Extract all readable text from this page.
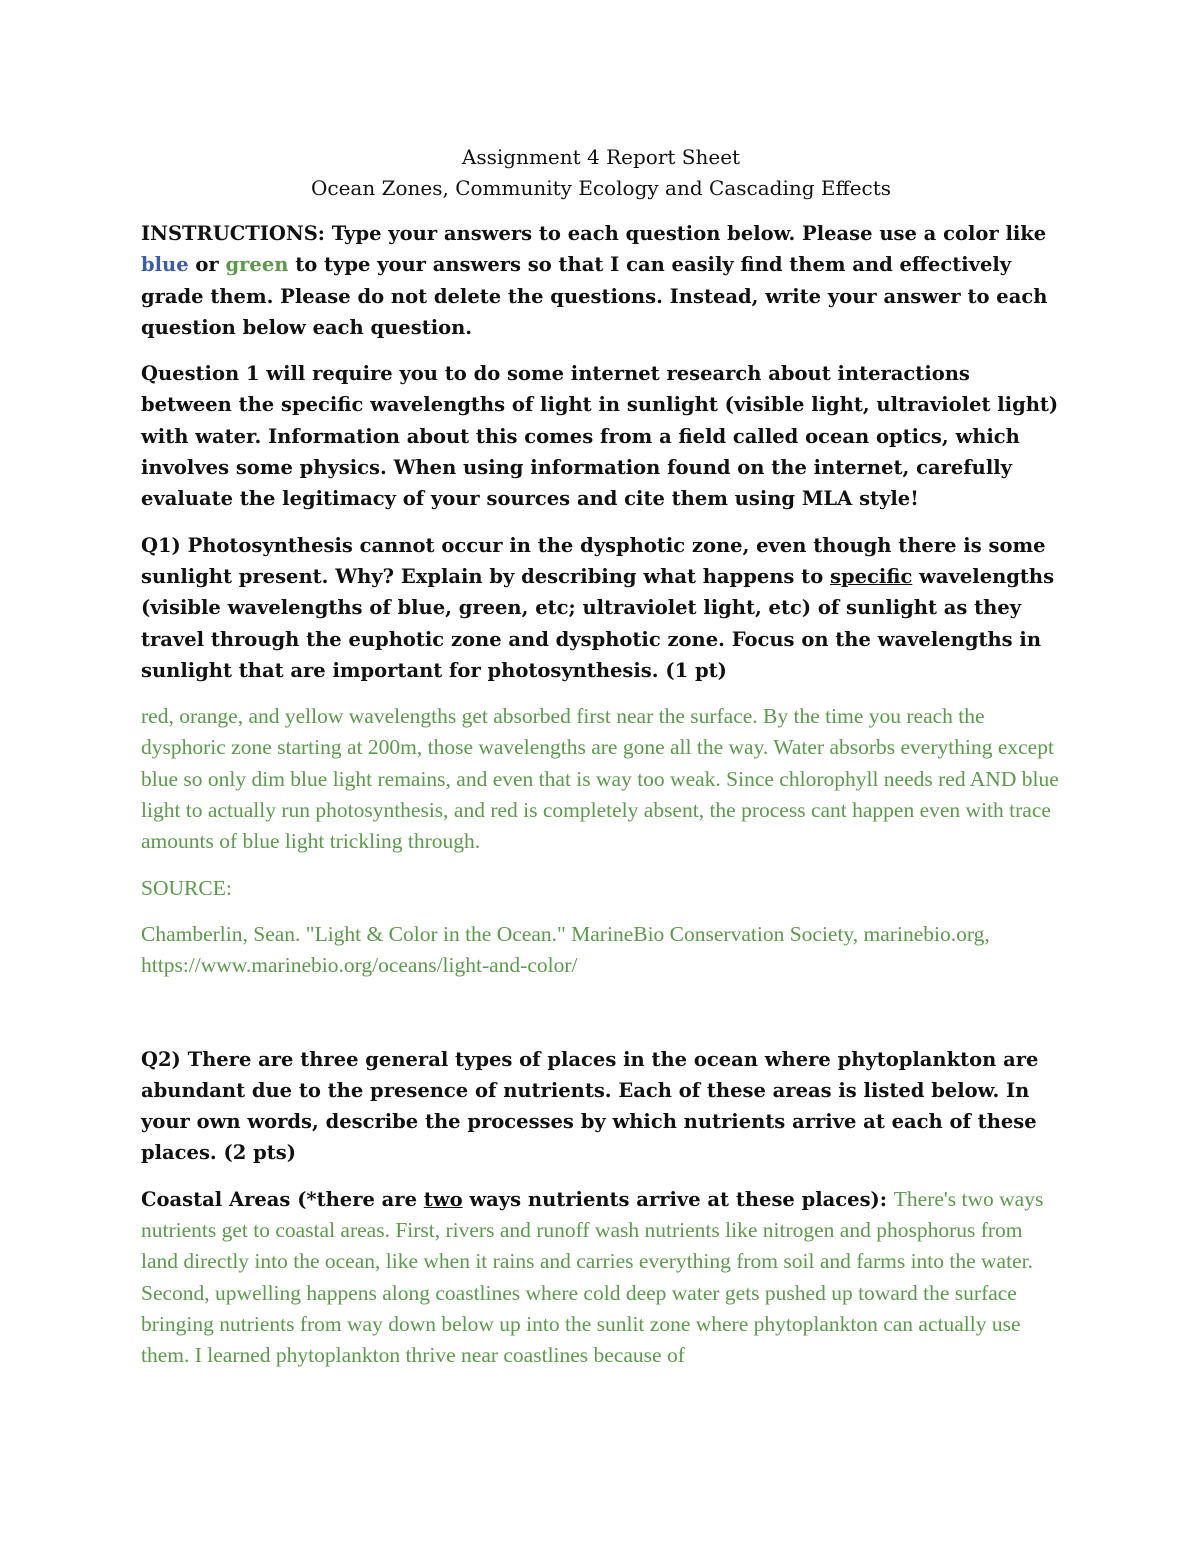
Assignment 4 Report Sheet

Ocean Zones, Community Ecology and Cascading Effects

INSTRUCTIONS: Type your answers to each question below. Please use a color like blue or green to type your answers so that I can easily find them and effectively grade them. Please do not delete the questions. Instead, write your answer to each question below each question.

Question 1 will require you to do some internet research about interactions between the specific wavelengths of light in sunlight (visible light, ultraviolet light) with water. Information about this comes from a field called ocean optics, which involves some physics. When using information found on the internet, carefully evaluate the legitimacy of your sources and cite them using MLA style!

Q1) Photosynthesis cannot occur in the dysphotic zone, even though there is some sunlight present. Why? Explain by describing what happens to specific wavelengths (visible wavelengths of blue, green, etc; ultraviolet light, etc) of sunlight as they travel through the euphotic zone and dysphotic zone. Focus on the wavelengths in sunlight that are important for photosynthesis. (1 pt)

red, orange, and yellow wavelengths get absorbed first near the surface. By the time you reach the dysphoric zone starting at 200m, those wavelengths are gone all the way. Water absorbs everything except blue so only dim blue light remains, and even that is way too weak. Since chlorophyll needs red AND blue light to actually run photosynthesis, and red is completely absent, the process cant happen even with trace amounts of blue light trickling through.

SOURCE:

Chamberlin, Sean. "Light & Color in the Ocean." MarineBio Conservation Society, marinebio.org, https://www.marinebio.org/oceans/light-and-color/

Q2) There are three general types of places in the ocean where phytoplankton are abundant due to the presence of nutrients. Each of these areas is listed below. In your own words, describe the processes by which nutrients arrive at each of these places. (2 pts)

Coastal Areas (*there are two ways nutrients arrive at these places): There's two ways nutrients get to coastal areas. First, rivers and runoff wash nutrients like nitrogen and phosphorus from land directly into the ocean, like when it rains and carries everything from soil and farms into the water. Second, upwelling happens along coastlines where cold deep water gets pushed up toward the surface bringing nutrients from way down below up into the sunlit zone where phytoplankton can actually use them. I learned phytoplankton thrive near coastlines because of
